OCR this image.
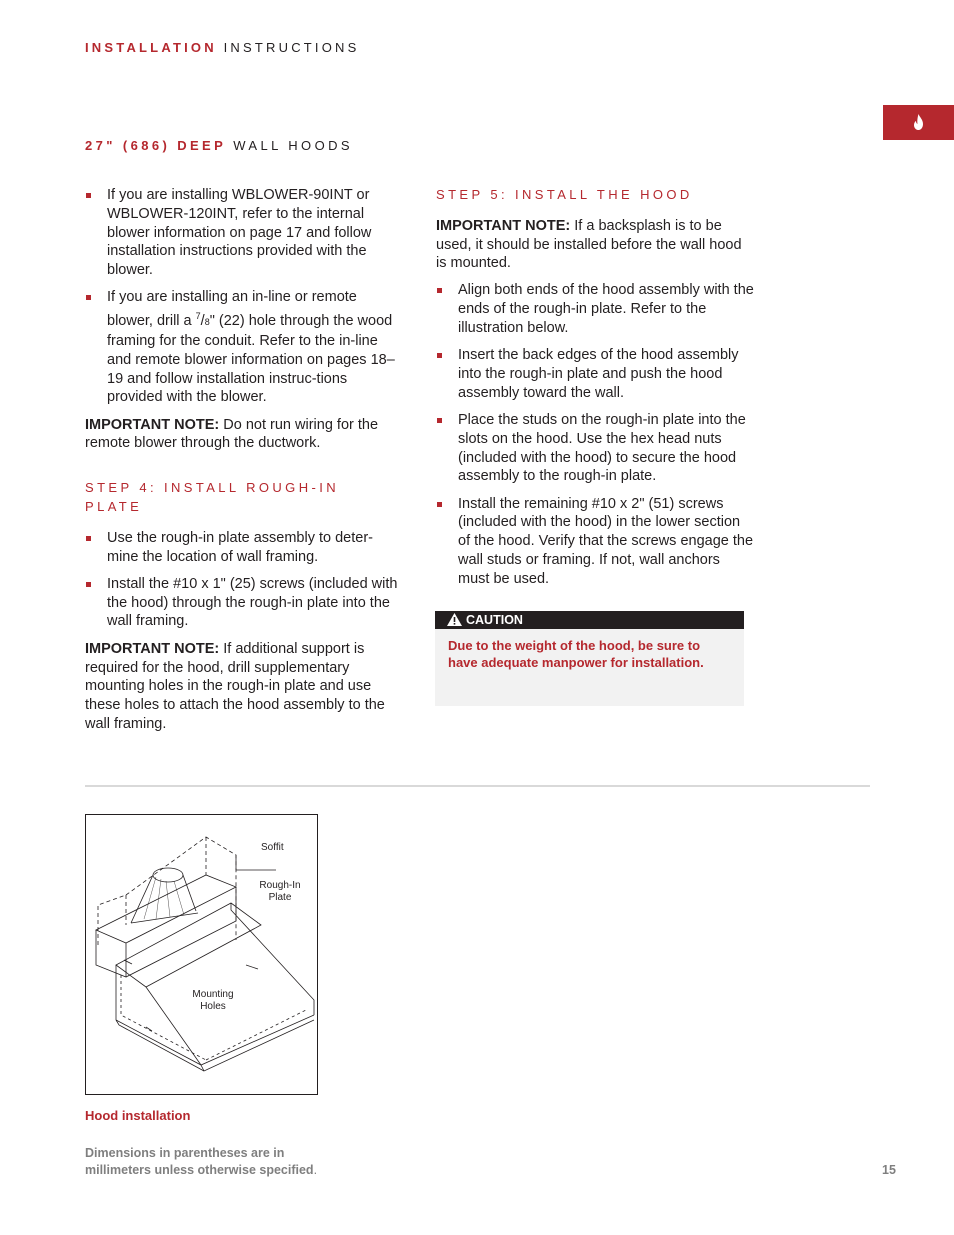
INSTALLATION INSTRUCTIONS
27" (686) DEEP WALL HOODS
If you are installing WBLOWER-90INT or WBLOWER-120INT, refer to the internal blower information on page 17 and follow installation instructions provided with the blower.
If you are installing an in-line or remote blower, drill a $^7$/8" (22) hole through the wood framing for the conduit. Refer to the in-line and remote blower information on pages 18–19 and follow installation instruc-tions provided with the blower.

IMPORTANT NOTE: Do not run wiring for the remote blower through the ductwork.

STEP 4: INSTALL ROUGH-IN PLATE
Use the rough-in plate assembly to deter-mine the location of wall framing.
Install the #10 x 1" (25) screws (included with the hood) through the rough-in plate into the wall framing.

IMPORTANT NOTE: If additional support is required for the hood, drill supplementary mounting holes in the rough-in plate and use these holes to attach the hood assembly to the wall framing.

STEP 5: INSTALL THE HOOD

IMPORTANT NOTE: If a backsplash is to be used, it should be installed before the wall hood is mounted.

Align both ends of the hood assembly with the ends of the rough-in plate. Refer to the illustration below.
Insert the back edges of the hood assembly into the rough-in plate and push the hood assembly toward the wall.
Place the studs on the rough-in plate into the slots on the hood. Use the hex head nuts (included with the hood) to secure the hood assembly to the rough-in plate.
Install the remaining #10 x 2" (51) screws (included with the hood) in the lower section of the hood. Verify that the screws engage the wall studs or framing. If not, wall anchors must be used.
CAUTION
Due to the weight of the hood, be sure to have adequate manpower for installation.
Soffit
Rough-In
Plate
Mounting
Holes
Hood installation
Dimensions in parentheses are in
millimeters unless otherwise specified.	15
